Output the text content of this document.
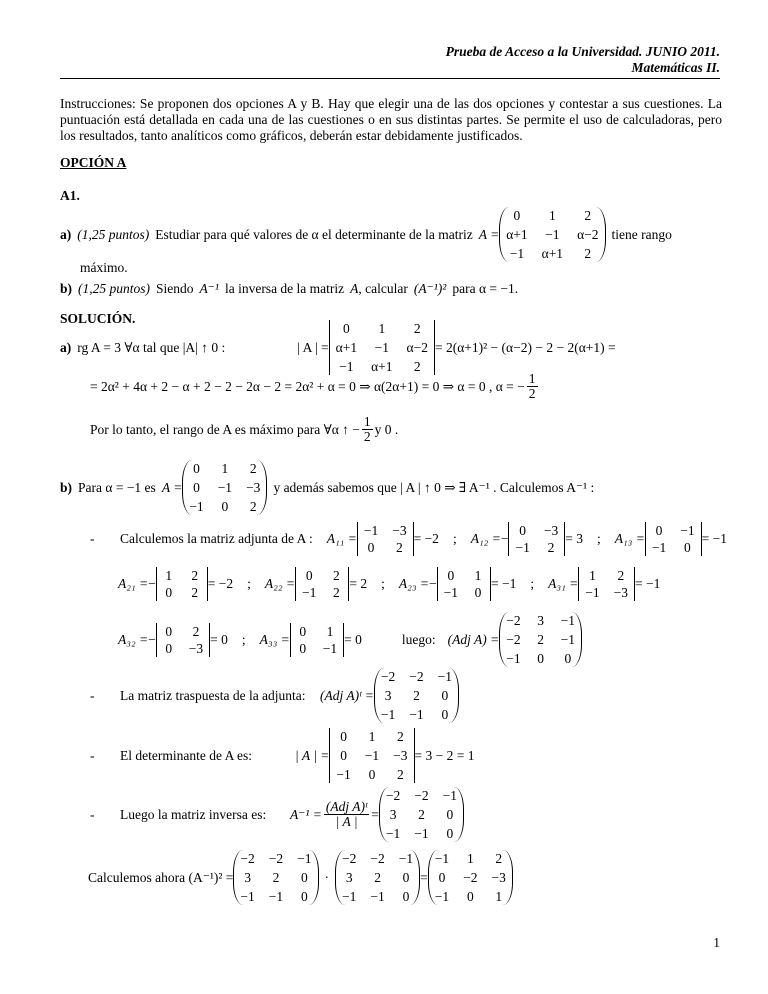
Prueba de Acceso a la Universidad. JUNIO 2011.
Matemáticas II.
Instrucciones: Se proponen dos opciones A y B. Hay que elegir una de las dos opciones y contestar a sus cuestiones. La puntuación está detallada en cada una de las cuestiones o en sus distintas partes. Se permite el uso de calculadoras, pero los resultados, tanto analíticos como gráficos, deberán estar debidamente justificados.
OPCIÓN A
A1.
a) (1,25 puntos) Estudiar para qué valores de α el determinante de la matriz A =
0	1	2
α+1 −1 α−2
−1 α+1	2
tiene rango
máximo.
b) (1,25 puntos) Siendo A⁻¹ la inversa de la matriz A , calcular (A⁻¹)² para α = −1.
SOLUCIÓN.
a) rg A = 3 ∀α tal que |A| ↑ 0 :	| A | =
0	1	2
α+1 −1 α−2
−1 α+1	2
= 2(α+1)² − (α−2) − 2 − 2(α+1) =
= 2α² + 4α + 2 − α + 2 − 2 − 2α − 2 = 2α² + α = 0 ⇒ α(2α+1) = 0 ⇒ α = 0 , α = − $\frac{1}{2}$
Por lo tanto, el rango de A es máximo para ∀α ↑ − $\frac{1}{2}$ y 0 .
b) Para α = −1 es A =
0 1 2
0 −1 −3
−1 0 2
y además sabemos que | A | ↑ 0 ⇒ ∃ A⁻¹ . Calculemos A⁻¹ :
-	Calculemos la matriz adjunta de A : A₁₁ =
−1 −3
0 2
= −2 ; A₁₂ = −
0 −3
−1 2
= 3 ; A₁₃ =
0 −1
−1 0
= −1
A₂₁ = −
1 2
0 2
= −2 ; A₂₂ =
0 2
−1 2
= 2 ; A₂₃ = −
0 1
−1 0
= −1 ; A₃₁ =
1 2
−1 −3
= −1
A₃₂ = −
0 2
0 −3
= 0 ; A₃₃ =
0 1
0 −1
= 0	luego: (Adj A) =
−2 3 −1
−2 2 −1
−1 0 0
-	La matriz traspuesta de la adjunta:	(Adj A)ᵗ =
−2 −2 −1
3 2 0
−1 −1 0
-	El determinante de A es:	| A | =
0 1 2
0 −1 −3
−1 0 2
= 3 − 2 = 1
-	Luego la matriz inversa es:	$A^{-1} = \frac{\text{(Adj A)ᵗ}}{| A |}$ =
−2 −2 −1
3 2 0
−1 −1 0
Calculemos ahora (A⁻¹)² =
−2 −2 −1
3 2 0
−1 −1 0
·
−2 −2 −1
3 2 0
−1 −1 0
=
−1 1 2
0 −2 −3
−1 0 1
1
